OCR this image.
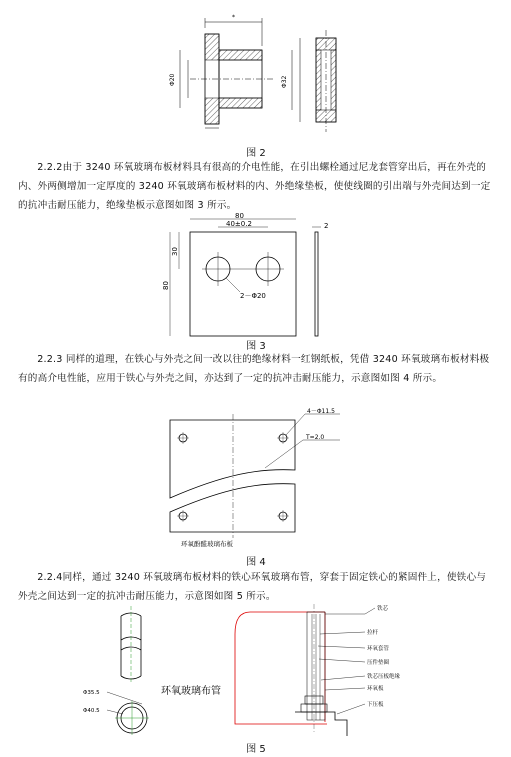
*
Φ20	Φ32
图 2
2.2.2由于 3240 环氧玻璃布板材料具有很高的介电性能，在引出螺栓通过尼龙套管穿出后，再在外壳的内、外两侧增加一定厚度的 3240 环氧玻璃布板材料的内、外绝缘垫板，使使线圈的引出端与外壳间达到一定的抗冲击耐压能力，绝缘垫板示意图如图 3 所示。
80
40±0.2
30
80
2－Φ20
2
图 3
2.2.3 同样的道理，在铁心与外壳之间一改以往的绝缘材料一红钢纸板，凭借 3240 环氧玻璃布板材料极有的高介电性能，应用于铁心与外壳之间，亦达到了一定的抗冲击耐压能力，示意图如图 4 所示。
4－Φ11.5
T=2.0
环氧酚醛玻璃布板
图 4
2.2.4同样，通过 3240 环氧玻璃布板材料的铁心环氧玻璃布管，穿套于固定铁心的紧固件上，使铁心与外壳之间达到一定的抗冲击耐压能力，示意图如图 5 所示。
Φ35.5
Φ40.5
环氧玻璃布管
铁芯
拉杆
环氧套管
压件垫圈
铁芯压板绝缘
环氧板
下压板
图 5
